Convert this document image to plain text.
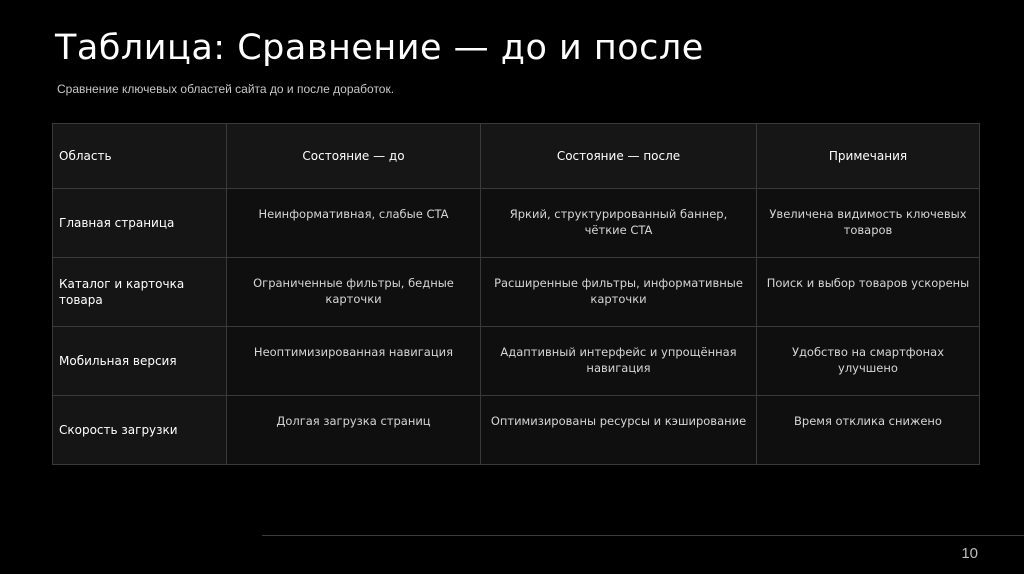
Таблица: Сравнение — до и после

Сравнение ключевых областей сайта до и после доработок.

Область	Состояние — до	Состояние — после	Примечания
Главная страница	Неинформативная, слабые CTA	Яркий, структурированный баннер, чёткие CTA	Увеличена видимость ключевых товаров
Каталог и карточка товара	Ограниченные фильтры, бедные карточки	Расширенные фильтры, информативные карточки	Поиск и выбор товаров ускорены
Мобильная версия	Неоптимизированная навигация	Адаптивный интерфейс и упрощённая навигация	Удобство на смартфонах улучшено
Скорость загрузки	Долгая загрузка страниц	Оптимизированы ресурсы и кэширование	Время отклика снижено
10
